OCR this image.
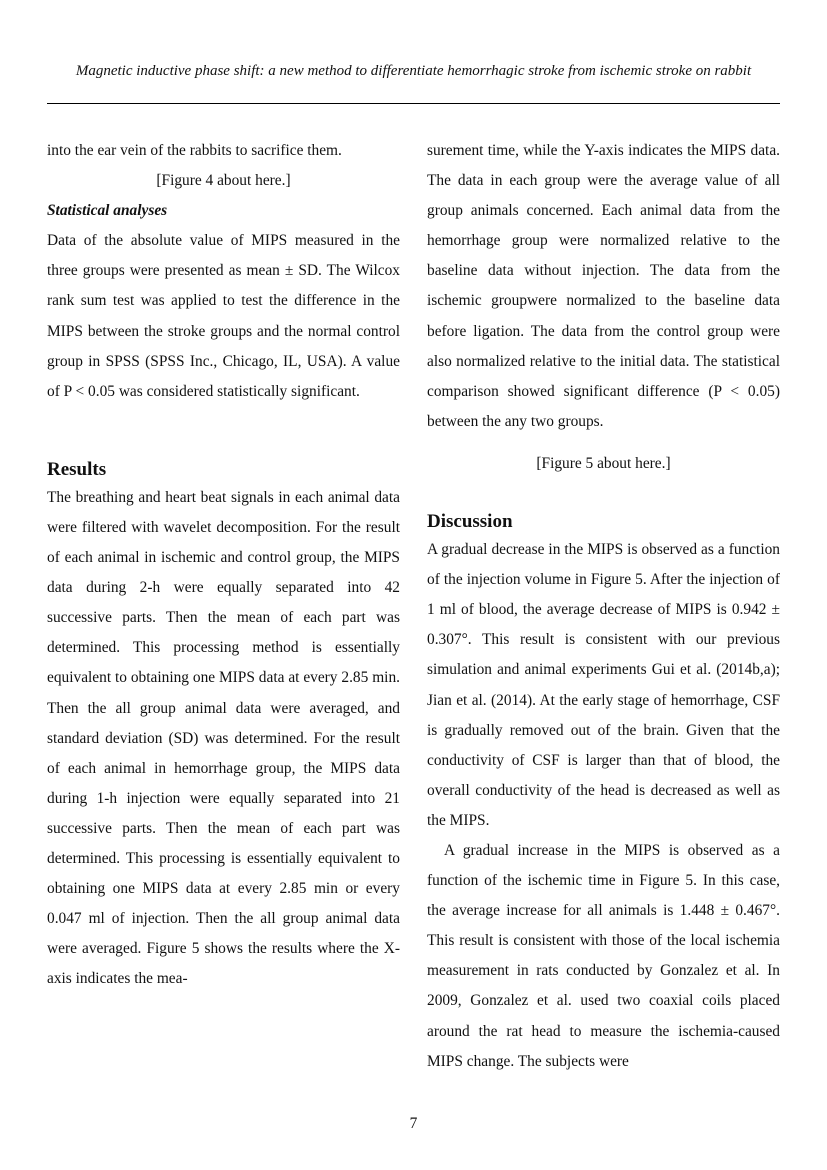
Magnetic inductive phase shift: a new method to differentiate hemorrhagic stroke from ischemic stroke on rabbit

into the ear vein of the rabbits to sacrifice them.

[Figure 4 about here.]

Statistical analyses

Data of the absolute value of MIPS measured in the three groups were presented as mean ± SD. The Wilcox rank sum test was applied to test the difference in the MIPS between the stroke groups and the normal control group in SPSS (SPSS Inc., Chicago, IL, USA). A value of P < 0.05 was considered statistically significant.

Results

The breathing and heart beat signals in each animal data were filtered with wavelet decomposition. For the result of each animal in ischemic and control group, the MIPS data during 2-h were equally separated into 42 successive parts. Then the mean of each part was determined. This processing method is essentially equivalent to obtaining one MIPS data at every 2.85 min. Then the all group animal data were averaged, and standard deviation (SD) was determined. For the result of each animal in hemorrhage group, the MIPS data during 1-h injection were equally separated into 21 successive parts. Then the mean of each part was determined. This processing is essentially equivalent to obtaining one MIPS data at every 2.85 min or every 0.047 ml of injection. Then the all group animal data were averaged. Figure 5 shows the results where the X-axis indicates the mea-

surement time, while the Y-axis indicates the MIPS data. The data in each group were the average value of all group animals concerned. Each animal data from the hemorrhage group were normalized relative to the baseline data without injection. The data from the ischemic groupwere normalized to the baseline data before ligation. The data from the control group were also normalized relative to the initial data. The statistical comparison showed significant difference (P < 0.05) between the any two groups.

[Figure 5 about here.]

Discussion

A gradual decrease in the MIPS is observed as a function of the injection volume in Figure 5. After the injection of 1 ml of blood, the average decrease of MIPS is 0.942 ± 0.307°. This result is consistent with our previous simulation and animal experiments Gui et al. (2014b,a); Jian et al. (2014). At the early stage of hemorrhage, CSF is gradually removed out of the brain. Given that the conductivity of CSF is larger than that of blood, the overall conductivity of the head is decreased as well as the MIPS.

A gradual increase in the MIPS is observed as a function of the ischemic time in Figure 5. In this case, the average increase for all animals is 1.448 ± 0.467°. This result is consistent with those of the local ischemia measurement in rats conducted by Gonzalez et al. In 2009, Gonzalez et al. used two coaxial coils placed around the rat head to measure the ischemia-caused MIPS change. The subjects were

7
